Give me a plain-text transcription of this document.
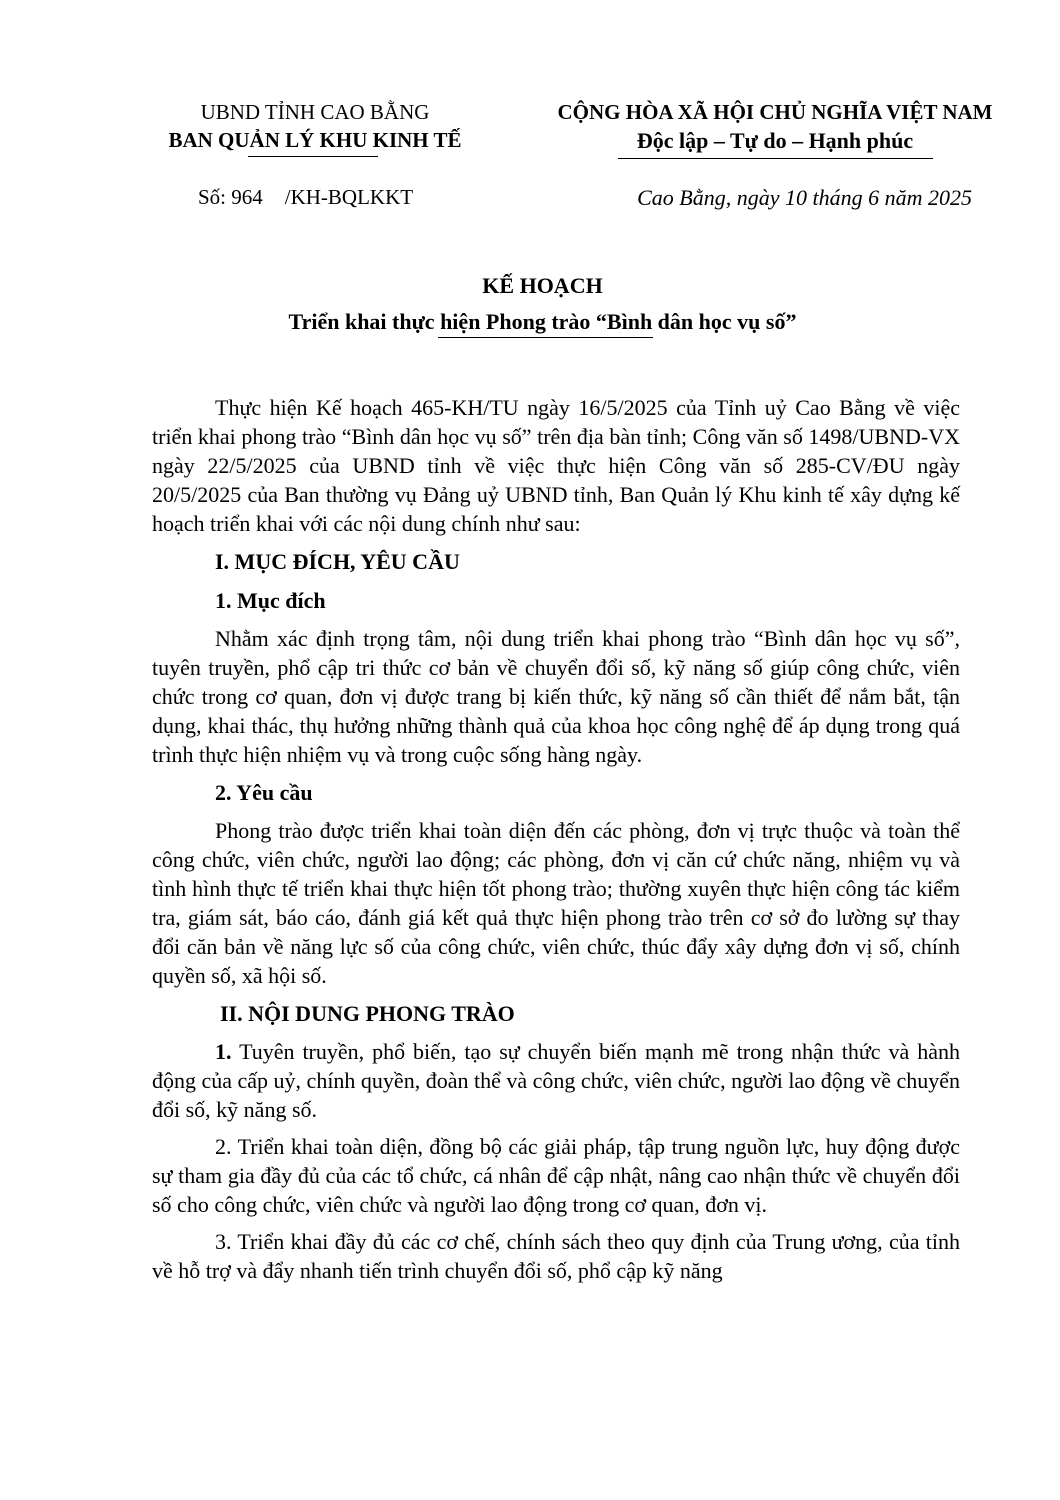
UBND TỈNH CAO BẰNG
BAN QUẢN LÝ KHU KINH TẾ
CỘNG HÒA XÃ HỘI CHỦ NGHĨA VIỆT NAM
Độc lập – Tự do – Hạnh phúc
Số: 964 /KH-BQLKKT	Cao Bằng, ngày 10 tháng 6 năm 2025
KẾ HOẠCH
Triển khai thực hiện Phong trào “Bình dân học vụ số”

Thực hiện Kế hoạch 465-KH/TU ngày 16/5/2025 của Tỉnh uỷ Cao Bằng về việc triển khai phong trào “Bình dân học vụ số” trên địa bàn tỉnh; Công văn số 1498/UBND-VX ngày 22/5/2025 của UBND tỉnh về việc thực hiện Công văn số 285-CV/ĐU ngày 20/5/2025 của Ban thường vụ Đảng uỷ UBND tỉnh, Ban Quản lý Khu kinh tế xây dựng kế hoạch triển khai với các nội dung chính như sau:

I. MỤC ĐÍCH, YÊU CẦU

1. Mục đích

Nhằm xác định trọng tâm, nội dung triển khai phong trào “Bình dân học vụ số”, tuyên truyền, phổ cập tri thức cơ bản về chuyển đổi số, kỹ năng số giúp công chức, viên chức trong cơ quan, đơn vị được trang bị kiến thức, kỹ năng số cần thiết để nắm bắt, tận dụng, khai thác, thụ hưởng những thành quả của khoa học công nghệ để áp dụng trong quá trình thực hiện nhiệm vụ và trong cuộc sống hàng ngày.

2. Yêu cầu

Phong trào được triển khai toàn diện đến các phòng, đơn vị trực thuộc và toàn thể công chức, viên chức, người lao động; các phòng, đơn vị căn cứ chức năng, nhiệm vụ và tình hình thực tế triển khai thực hiện tốt phong trào; thường xuyên thực hiện công tác kiểm tra, giám sát, báo cáo, đánh giá kết quả thực hiện phong trào trên cơ sở đo lường sự thay đổi căn bản về năng lực số của công chức, viên chức, thúc đẩy xây dựng đơn vị số, chính quyền số, xã hội số.

II. NỘI DUNG PHONG TRÀO

1. Tuyên truyền, phổ biến, tạo sự chuyển biến mạnh mẽ trong nhận thức và hành động của cấp uỷ, chính quyền, đoàn thể và công chức, viên chức, người lao động về chuyển đổi số, kỹ năng số.

2. Triển khai toàn diện, đồng bộ các giải pháp, tập trung nguồn lực, huy động được sự tham gia đầy đủ của các tổ chức, cá nhân để cập nhật, nâng cao nhận thức về chuyển đổi số cho công chức, viên chức và người lao động trong cơ quan, đơn vị.

3. Triển khai đầy đủ các cơ chế, chính sách theo quy định của Trung ương, của tỉnh về hỗ trợ và đẩy nhanh tiến trình chuyển đổi số, phổ cập kỹ năng
